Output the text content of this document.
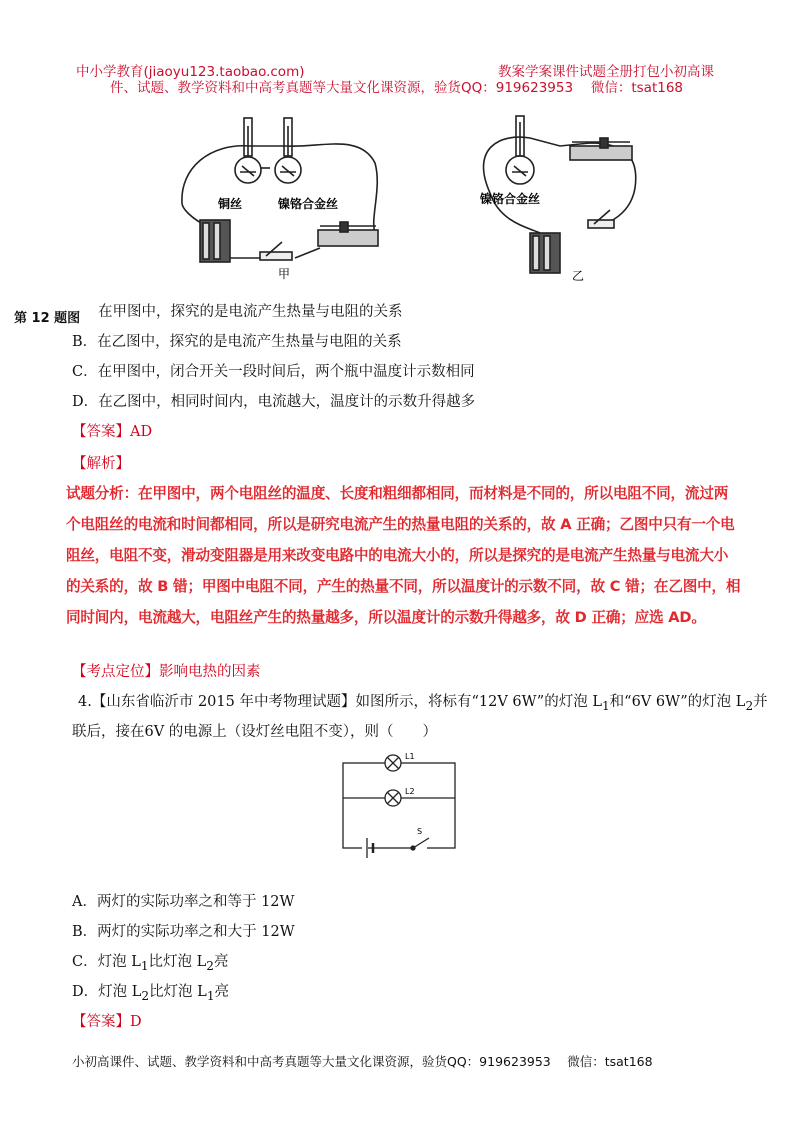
中小学教育(jiaoyu123.taobao.com)	教案学案课件试题全册打包小初高课
件、试题、教学资料和中高考真题等大量文化课资源，验货QQ：919623953　 微信：tsat168
铜丝	镍铬合金丝
甲
镍铬合金丝
乙
第 12 题图 在甲图中，探究的是电流产生热量与电阻的关系
B．在乙图中，探究的是电流产生热量与电阻的关系
C．在甲图中，闭合开关一段时间后，两个瓶中温度计示数相同
D．在乙图中，相同时间内，电流越大，温度计的示数升得越多
【答案】AD
【解析】
试题分析：在甲图中，两个电阻丝的温度、长度和粗细都相同，而材料是不同的，所以电阻不同，流过两
个电阻丝的电流和时间都相同，所以是研究电流产生的热量电阻的关系的，故 A 正确；乙图中只有一个电
阻丝，电阻不变，滑动变阻器是用来改变电路中的电流大小的，所以是探究的是电流产生热量与电流大小
的关系的，故 B 错；甲图中电阻不同，产生的热量不同，所以温度计的示数不同，故 C 错；在乙图中，相
同时间内，电流越大，电阻丝产生的热量越多，所以温度计的示数升得越多，故 D 正确；应选 AD。
【考点定位】影响电热的因素
4.【山东省临沂市 2015 年中考物理试题】如图所示，将标有“12V 6W”的灯泡 $L_1$和“6V 6W”的灯泡 $L_2$并
联后，接在6V 的电源上（设灯丝电阻不变），则（　　）
L1
L2
S
A．两灯的实际功率之和等于 12W
B．两灯的实际功率之和大于 12W
C．灯泡 $L_1$比灯泡 $L_2$亮
D．灯泡 $L_2$比灯泡 $L_1$亮
【答案】D
小初高课件、试题、教学资料和中高考真题等大量文化课资源，验货QQ：919623953　 微信：tsat168
